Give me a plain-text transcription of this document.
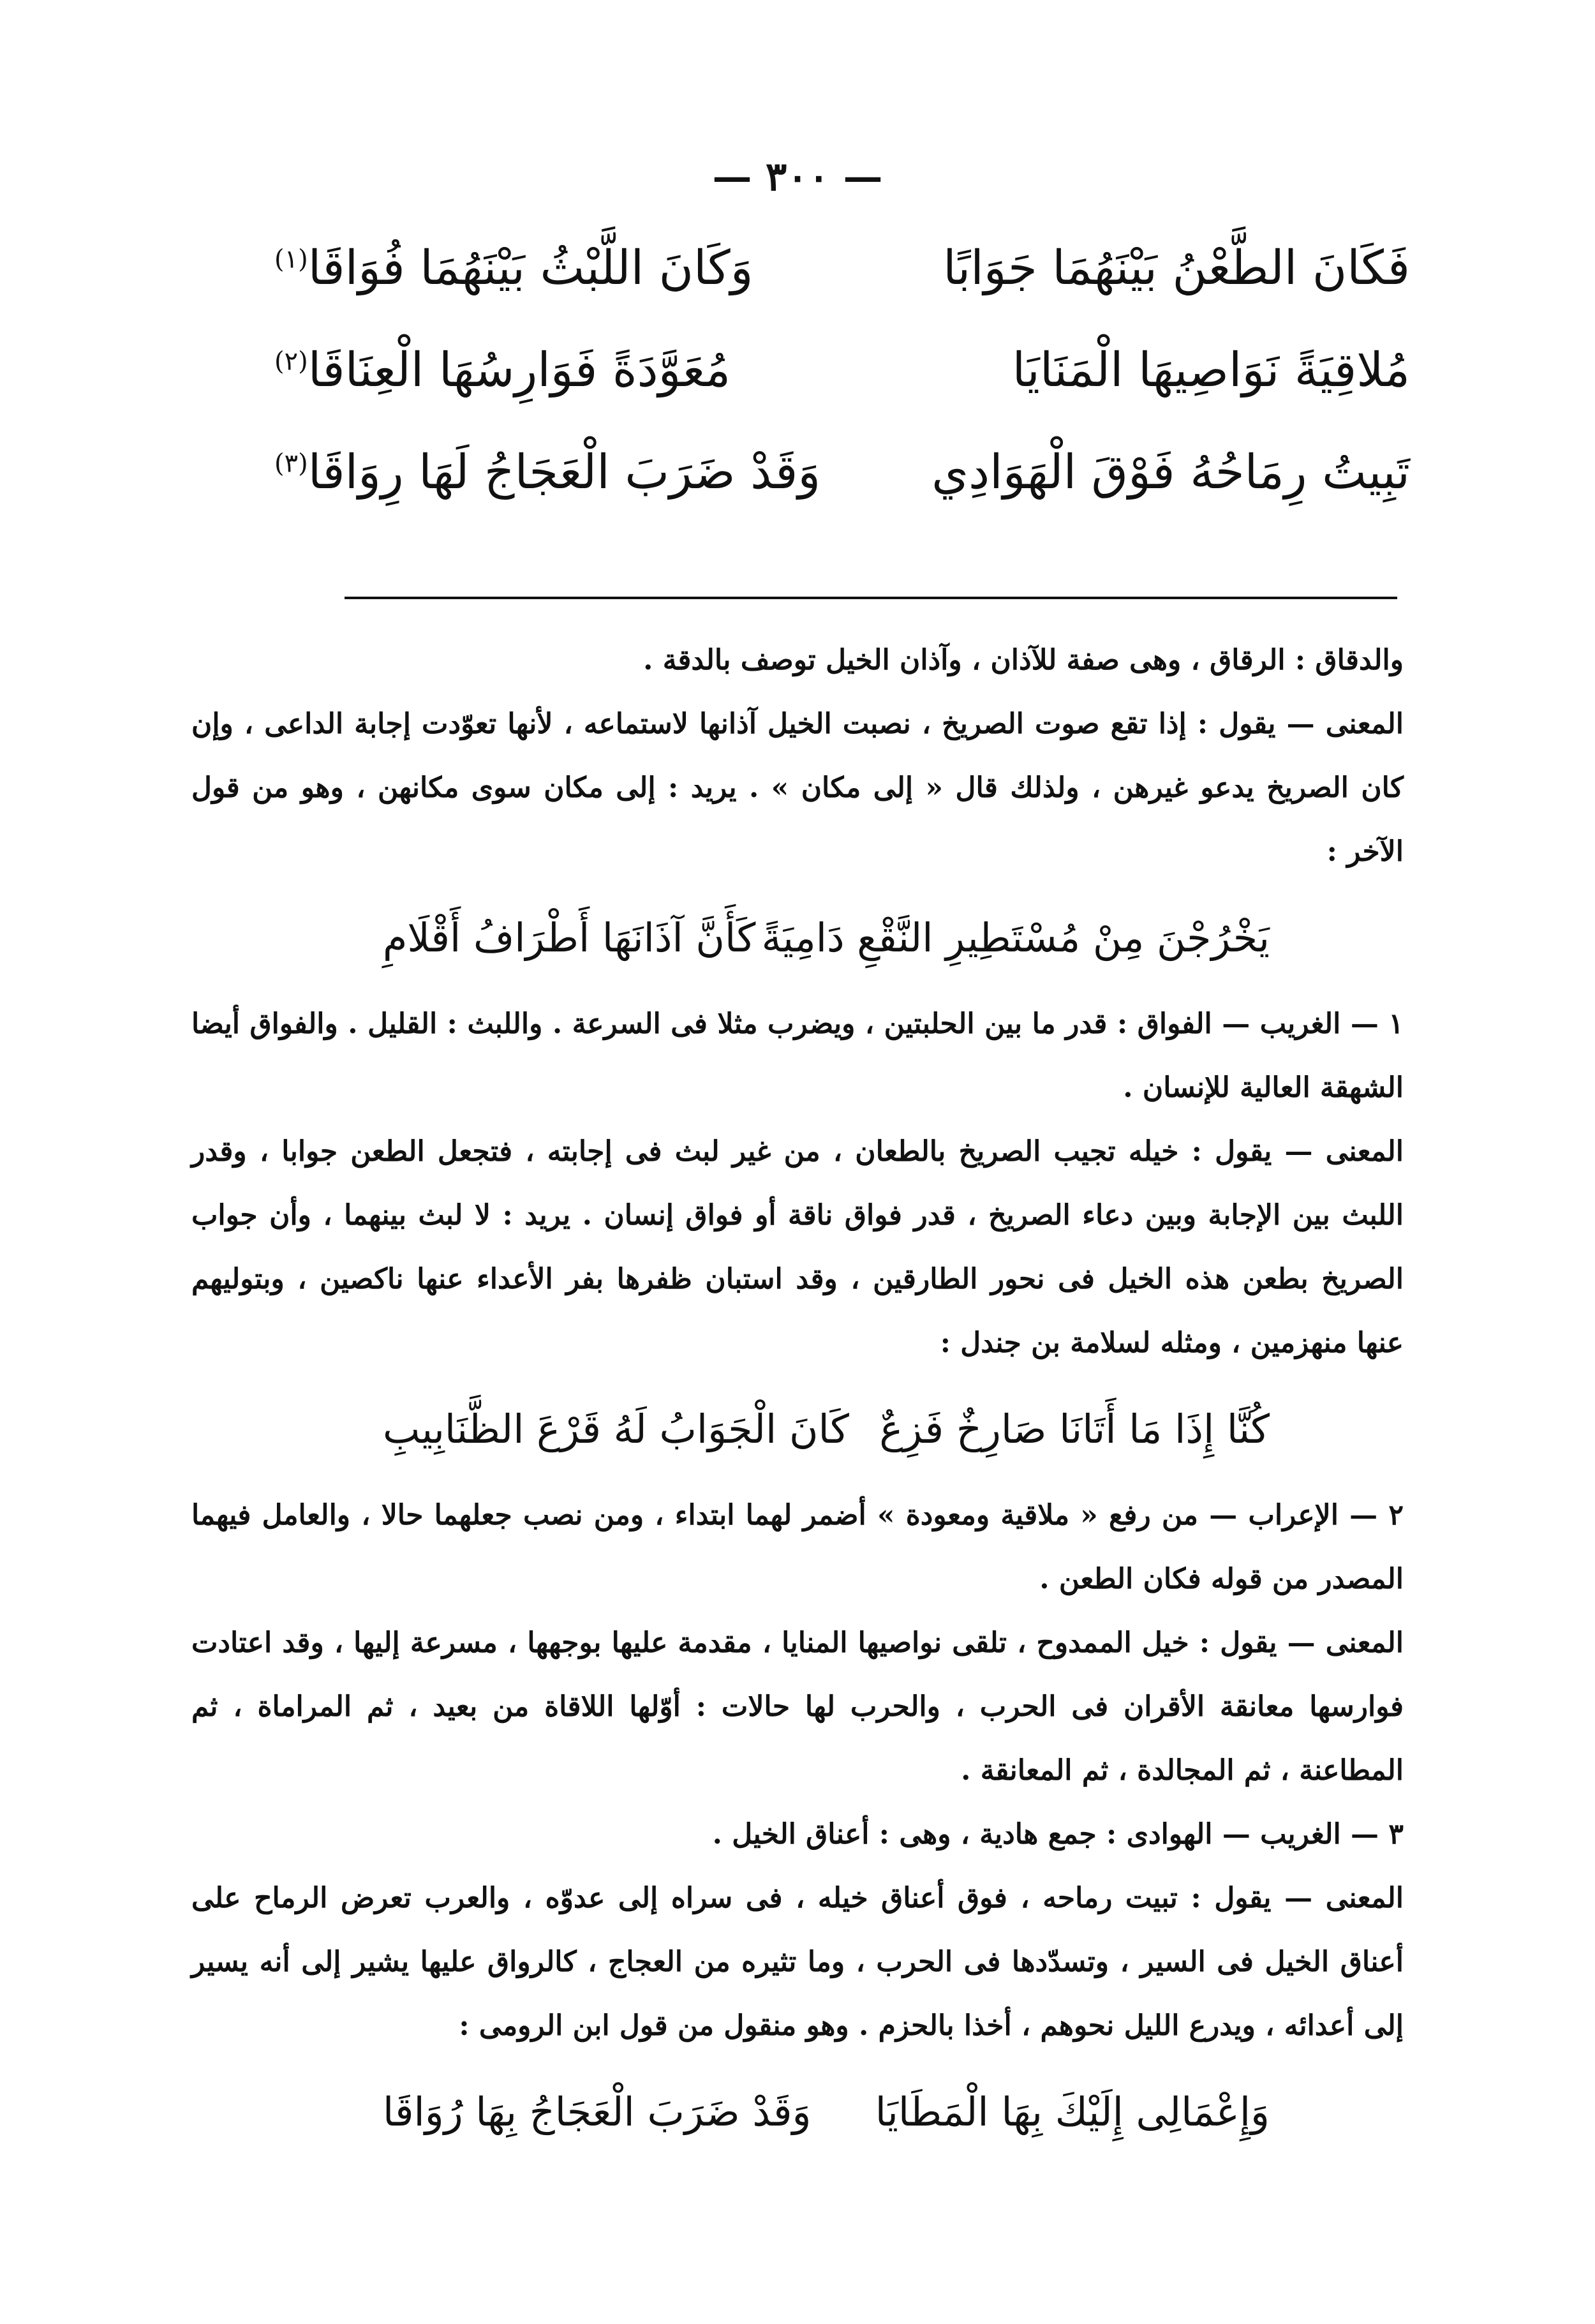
— ٣٠٠ —
فَكَانَ الطَّعْنُ بَيْنَهُمَا جَوَابًا
وَكَانَ اللَّبْثُ بَيْنَهُمَا فُوَاقَا$^{(١)}$
مُلاقِيَةً نَوَاصِيهَا الْمَنَايَا
مُعَوَّدَةً فَوَارِسُهَا الْعِنَاقَا$^{(٢)}$
تَبِيتُ رِمَاحُهُ فَوْقَ الْهَوَادِي
وَقَدْ ضَرَبَ الْعَجَاجُ لَهَا رِوَاقَا$^{(٣)}$

والدقاق : الرقاق ، وهى صفة للآذان ، وآذان الخيل توصف بالدقة .

المعنى — يقول : إذا تقع صوت الصريخ ، نصبت الخيل آذانها لاستماعه ، لأنها تعوّدت إجابة الداعى ، وإن كان الصريخ يدعو غيرهن ، ولذلك قال « إلى مكان » . يريد : إلى مكان سوى مكانهن ، وهو من قول الآخر :

يَخْرُجْنَ مِنْ مُسْتَطِيرِ النَّقْعِ دَامِيَةً
كَأَنَّ آذَانَهَا أَطْرَافُ أَقْلَامِ

١ — الغريب — الفواق : قدر ما بين الحلبتين ، ويضرب مثلا فى السرعة . واللبث : القليل . والفواق أيضا الشهقة العالية للإنسان .

المعنى — يقول : خيله تجيب الصريخ بالطعان ، من غير لبث فى إجابته ، فتجعل الطعن جوابا ، وقدر اللبث بين الإجابة وبين دعاء الصريخ ، قدر فواق ناقة أو فواق إنسان . يريد : لا لبث بينهما ، وأن جواب الصريخ بطعن هذه الخيل فى نحور الطارقين ، وقد استبان ظفرها بفر الأعداء عنها ناكصين ، وبتوليهم عنها منهزمين ، ومثله لسلامة بن جندل :

كُنَّا إِذَا مَا أَتَانَا صَارِخٌ فَزِعٌ
كَانَ الْجَوَابُ لَهُ قَرْعَ الظَّنَابِيبِ

٢ — الإعراب — من رفع « ملاقية ومعودة » أضمر لهما ابتداء ، ومن نصب جعلهما حالا ، والعامل فيهما المصدر من قوله فكان الطعن .

المعنى — يقول : خيل الممدوح ، تلقى نواصيها المنايا ، مقدمة عليها بوجهها ، مسرعة إليها ، وقد اعتادت فوارسها معانقة الأقران فى الحرب ، والحرب لها حالات : أوّلها اللاقاة من بعيد ، ثم المراماة ، ثم المطاعنة ، ثم المجالدة ، ثم المعانقة .

٣ — الغريب — الهوادى : جمع هادية ، وهى : أعناق الخيل .

المعنى — يقول : تبيت رماحه ، فوق أعناق خيله ، فى سراه إلى عدوّه ، والعرب تعرض الرماح على أعناق الخيل فى السير ، وتسدّدها فى الحرب ، وما تثيره من العجاج ، كالرواق عليها يشير إلى أنه يسير إلى أعدائه ، ويدرع الليل نحوهم ، أخذا بالحزم . وهو منقول من قول ابن الرومى :

وَإِعْمَالِى إِلَيْكَ بِهَا الْمَطَايَا
وَقَدْ ضَرَبَ الْعَجَاجُ بِهَا رُوَاقَا
